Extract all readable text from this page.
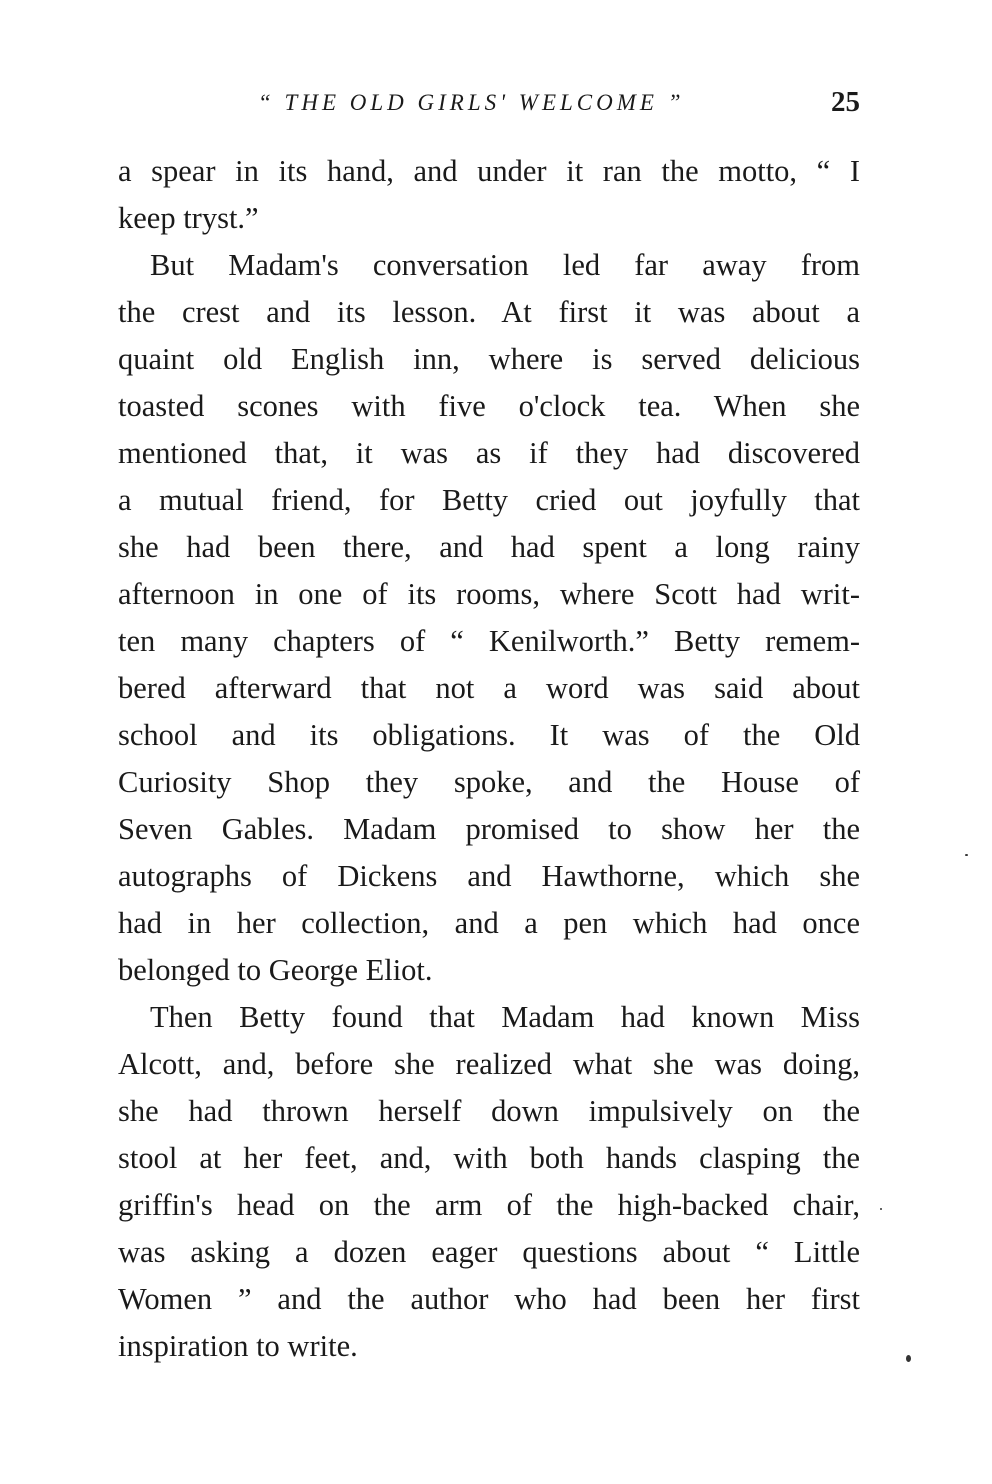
“ THE OLD GIRLS' WELCOME ”	25
a spear in its hand, and under it ran the motto, “ I
keep tryst.”
But Madam's conversation led far away from
the crest and its lesson. At first it was about a
quaint old English inn, where is served delicious
toasted scones with five o'clock tea. When she
mentioned that, it was as if they had discovered
a mutual friend, for Betty cried out joyfully that
she had been there, and had spent a long rainy
afternoon in one of its rooms, where Scott had writ-
ten many chapters of “ Kenilworth.” Betty remem-
bered afterward that not a word was said about
school and its obligations. It was of the Old
Curiosity Shop they spoke, and the House of
Seven Gables. Madam promised to show her the
autographs of Dickens and Hawthorne, which she
had in her collection, and a pen which had once
belonged to George Eliot.
Then Betty found that Madam had known Miss
Alcott, and, before she realized what she was doing,
she had thrown herself down impulsively on the
stool at her feet, and, with both hands clasping the
griffin's head on the arm of the high-backed chair,
was asking a dozen eager questions about “ Little
Women ” and the author who had been her first
inspiration to write.
